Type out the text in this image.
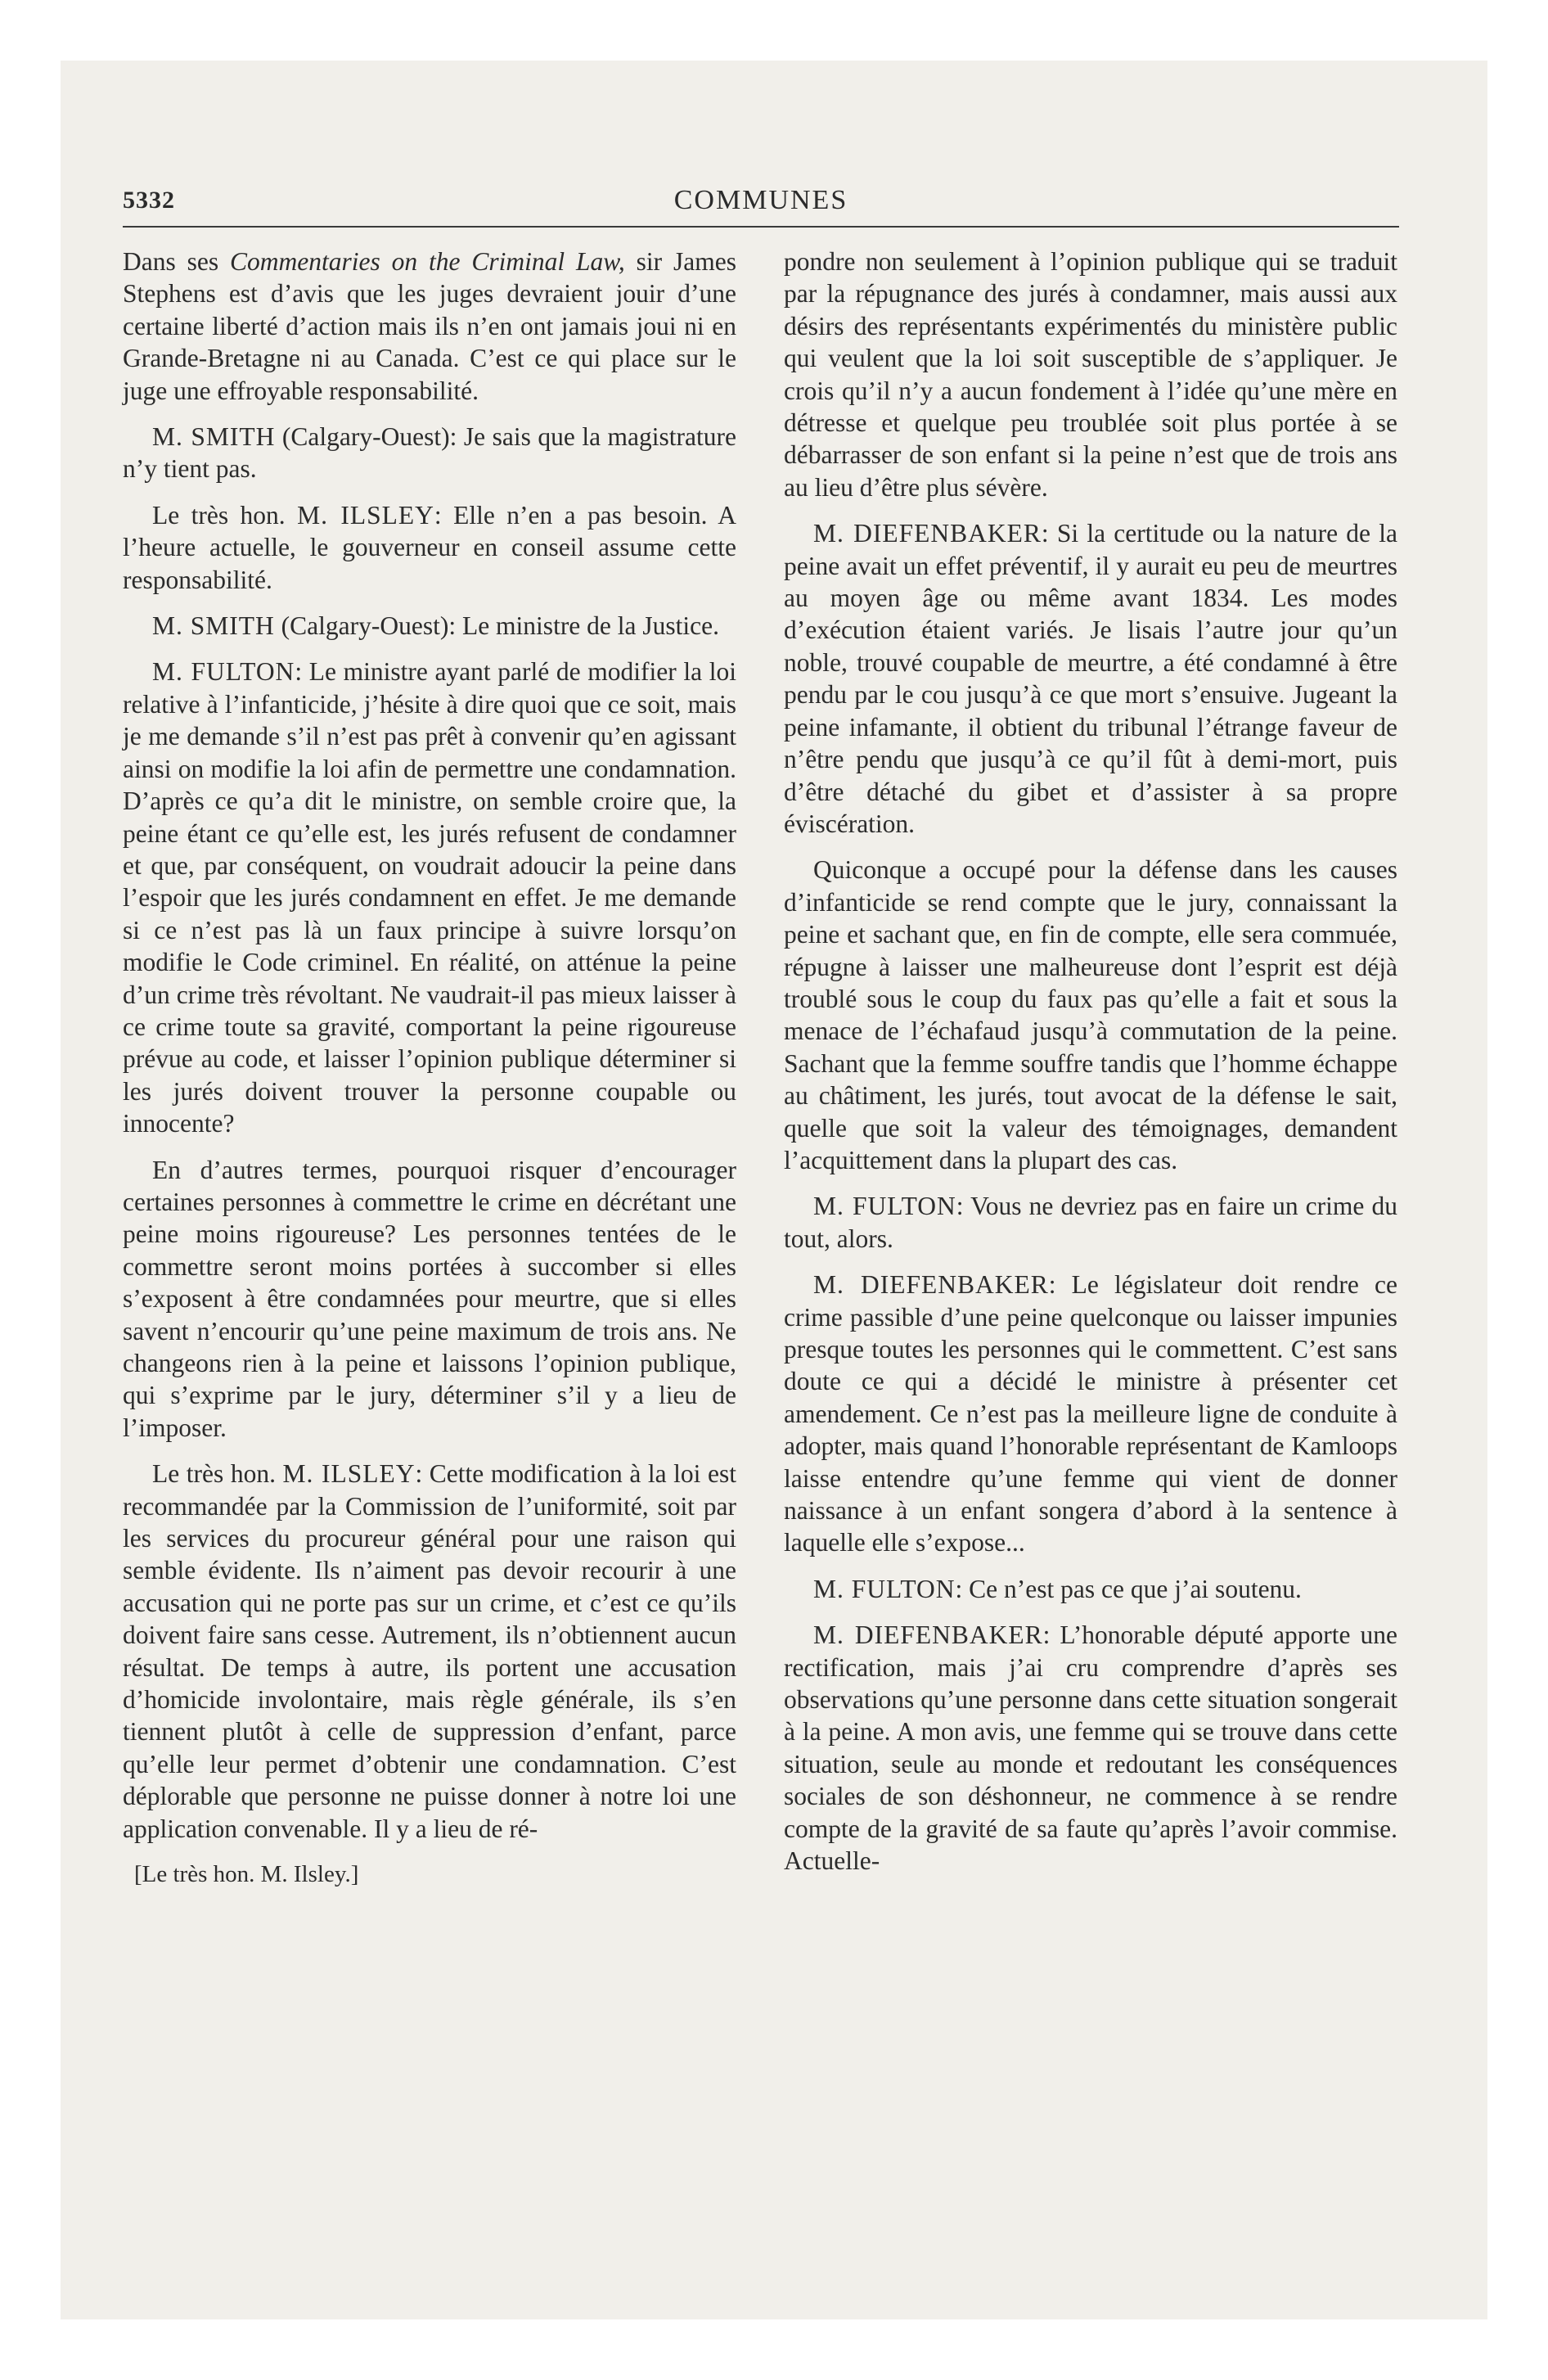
5332	COMMUNES

Dans ses Commentaries on the Criminal Law, sir James Stephens est d’avis que les juges devraient jouir d’une certaine liberté d’action mais ils n’en ont jamais joui ni en Grande-Bretagne ni au Canada. C’est ce qui place sur le juge une effroyable responsabilité.

M. SMITH (Calgary-Ouest): Je sais que la magistrature n’y tient pas.

Le très hon. M. ILSLEY: Elle n’en a pas besoin. A l’heure actuelle, le gouverneur en conseil assume cette responsabilité.

M. SMITH (Calgary-Ouest): Le ministre de la Justice.

M. FULTON: Le ministre ayant parlé de modifier la loi relative à l’infanticide, j’hésite à dire quoi que ce soit, mais je me demande s’il n’est pas prêt à convenir qu’en agissant ainsi on modifie la loi afin de permettre une condamnation. D’après ce qu’a dit le ministre, on semble croire que, la peine étant ce qu’elle est, les jurés refusent de condamner et que, par conséquent, on voudrait adoucir la peine dans l’espoir que les jurés condamnent en effet. Je me demande si ce n’est pas là un faux principe à suivre lorsqu’on modifie le Code criminel. En réalité, on atténue la peine d’un crime très révoltant. Ne vaudrait-il pas mieux laisser à ce crime toute sa gravité, comportant la peine rigoureuse prévue au code, et laisser l’opinion publique déterminer si les jurés doivent trouver la personne coupable ou innocente?

En d’autres termes, pourquoi risquer d’encourager certaines personnes à commettre le crime en décrétant une peine moins rigoureuse? Les personnes tentées de le commettre seront moins portées à succomber si elles s’exposent à être condamnées pour meurtre, que si elles savent n’encourir qu’une peine maximum de trois ans. Ne changeons rien à la peine et laissons l’opinion publique, qui s’exprime par le jury, déterminer s’il y a lieu de l’imposer.

Le très hon. M. ILSLEY: Cette modification à la loi est recommandée par la Commission de l’uniformité, soit par les services du procureur général pour une raison qui semble évidente. Ils n’aiment pas devoir recourir à une accusation qui ne porte pas sur un crime, et c’est ce qu’ils doivent faire sans cesse. Autrement, ils n’obtiennent aucun résultat. De temps à autre, ils portent une accusation d’homicide involontaire, mais règle générale, ils s’en tiennent plutôt à celle de suppression d’enfant, parce qu’elle leur permet d’obtenir une condamnation. C’est déplorable que personne ne puisse donner à notre loi une application convenable. Il y a lieu de ré-

[Le très hon. M. Ilsley.]

pondre non seulement à l’opinion publique qui se traduit par la répugnance des jurés à condamner, mais aussi aux désirs des représentants expérimentés du ministère public qui veulent que la loi soit susceptible de s’appliquer. Je crois qu’il n’y a aucun fondement à l’idée qu’une mère en détresse et quelque peu troublée soit plus portée à se débarrasser de son enfant si la peine n’est que de trois ans au lieu d’être plus sévère.

M. DIEFENBAKER: Si la certitude ou la nature de la peine avait un effet préventif, il y aurait eu peu de meurtres au moyen âge ou même avant 1834. Les modes d’exécution étaient variés. Je lisais l’autre jour qu’un noble, trouvé coupable de meurtre, a été condamné à être pendu par le cou jusqu’à ce que mort s’ensuive. Jugeant la peine infamante, il obtient du tribunal l’étrange faveur de n’être pendu que jusqu’à ce qu’il fût à demi-mort, puis d’être détaché du gibet et d’assister à sa propre éviscération.

Quiconque a occupé pour la défense dans les causes d’infanticide se rend compte que le jury, connaissant la peine et sachant que, en fin de compte, elle sera commuée, répugne à laisser une malheureuse dont l’esprit est déjà troublé sous le coup du faux pas qu’elle a fait et sous la menace de l’échafaud jusqu’à commutation de la peine. Sachant que la femme souffre tandis que l’homme échappe au châtiment, les jurés, tout avocat de la défense le sait, quelle que soit la valeur des témoignages, demandent l’acquittement dans la plupart des cas.

M. FULTON: Vous ne devriez pas en faire un crime du tout, alors.

M. DIEFENBAKER: Le législateur doit rendre ce crime passible d’une peine quelconque ou laisser impunies presque toutes les personnes qui le commettent. C’est sans doute ce qui a décidé le ministre à présenter cet amendement. Ce n’est pas la meilleure ligne de conduite à adopter, mais quand l’honorable représentant de Kamloops laisse entendre qu’une femme qui vient de donner naissance à un enfant songera d’abord à la sentence à laquelle elle s’expose...

M. FULTON: Ce n’est pas ce que j’ai soutenu.

M. DIEFENBAKER: L’honorable député apporte une rectification, mais j’ai cru comprendre d’après ses observations qu’une personne dans cette situation songerait à la peine. A mon avis, une femme qui se trouve dans cette situation, seule au monde et redoutant les conséquences sociales de son déshonneur, ne commence à se rendre compte de la gravité de sa faute qu’après l’avoir commise. Actuelle-
